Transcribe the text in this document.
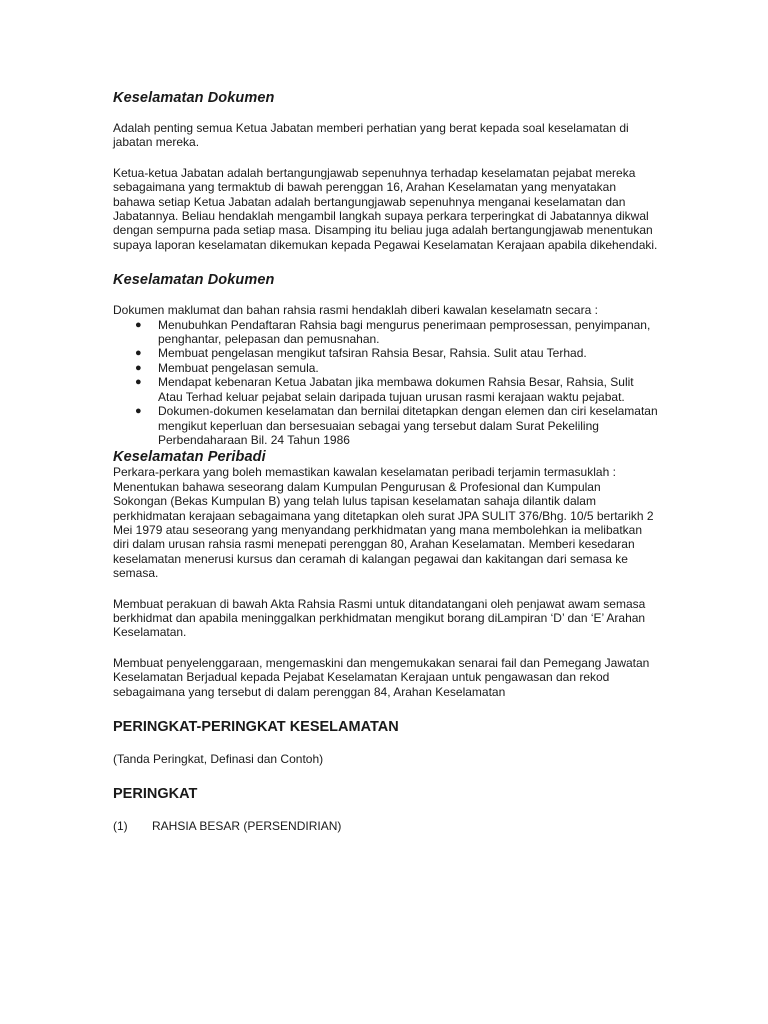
Keselamatan Dokumen

Adalah penting semua Ketua Jabatan memberi perhatian yang berat kepada soal keselamatan di jabatan mereka.

Ketua-ketua Jabatan adalah bertangungjawab sepenuhnya terhadap keselamatan pejabat mereka sebagaimana yang termaktub di bawah perenggan 16, Arahan Keselamatan yang menyatakan bahawa setiap Ketua Jabatan adalah bertangungjawab sepenuhnya menganai keselamatan dan Jabatannya. Beliau hendaklah mengambil langkah supaya perkara terperingkat di Jabatannya dikwal dengan sempurna pada setiap masa. Disamping itu beliau juga adalah bertangungjawab menentukan supaya laporan keselamatan dikemukan kepada Pegawai Keselamatan Kerajaan apabila dikehendaki.

Keselamatan Dokumen

Dokumen maklumat dan bahan rahsia rasmi hendaklah diberi kawalan keselamatn secara :

● Menubuhkan Pendaftaran Rahsia bagi mengurus penerimaan pemprosessan, penyimpanan, penghantar, pelepasan dan pemusnahan.
● Membuat pengelasan mengikut tafsiran Rahsia Besar, Rahsia. Sulit atau Terhad.
● Membuat pengelasan semula.
● Mendapat kebenaran Ketua Jabatan jika membawa dokumen Rahsia Besar, Rahsia, Sulit Atau Terhad keluar pejabat selain daripada tujuan urusan rasmi kerajaan waktu pejabat.
● Dokumen-dokumen keselamatan dan bernilai ditetapkan dengan elemen dan ciri keselamatan mengikut keperluan dan bersesuaian sebagai yang tersebut dalam Surat Pekeliling Perbendaharaan Bil. 24 Tahun 1986
Keselamatan Peribadi

Perkara-perkara yang boleh memastikan kawalan keselamatan peribadi terjamin termasuklah : Menentukan bahawa seseorang dalam Kumpulan Pengurusan & Profesional dan Kumpulan Sokongan (Bekas Kumpulan B) yang telah lulus tapisan keselamatan sahaja dilantik dalam perkhidmatan kerajaan sebagaimana yang ditetapkan oleh surat JPA SULIT 376/Bhg. 10/5 bertarikh 2 Mei 1979 atau seseorang yang menyandang perkhidmatan yang mana membolehkan ia melibatkan diri dalam urusan rahsia rasmi menepati perenggan 80, Arahan Keselamatan. Memberi kesedaran keselamatan menerusi kursus dan ceramah di kalangan pegawai dan kakitangan dari semasa ke semasa.

Membuat perakuan di bawah Akta Rahsia Rasmi untuk ditandatangani oleh penjawat awam semasa berkhidmat dan apabila meninggalkan perkhidmatan mengikut borang diLampiran ‘D’ dan ‘E’ Arahan Keselamatan.

Membuat penyelenggaraan, mengemaskini dan mengemukakan senarai fail dan Pemegang Jawatan Keselamatan Berjadual kepada Pejabat Keselamatan Kerajaan untuk pengawasan dan rekod sebagaimana yang tersebut di dalam perenggan 84, Arahan Keselamatan

PERINGKAT-PERINGKAT KESELAMATAN

(Tanda Peringkat, Definasi dan Contoh)

PERINGKAT
(1)	RAHSIA BESAR (PERSENDIRIAN)
